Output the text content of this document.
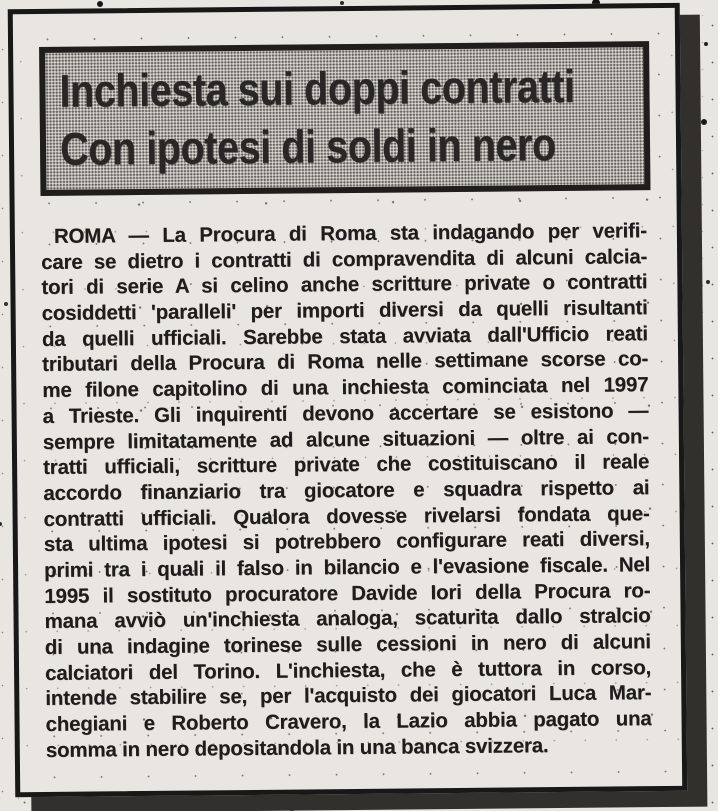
Inchiesta sui doppi contratti
Con ipotesi di soldi in nero
ROMA — La Procura di Roma sta indagando per verifi-
care se dietro i contratti di compravendita di alcuni calcia-
tori di serie A si celino anche scritture private o contratti
cosiddetti 'paralleli' per importi diversi da quelli risultanti
da quelli ufficiali. Sarebbe stata avviata dall'Ufficio reati
tributari della Procura di Roma nelle settimane scorse co-
me filone capitolino di una inchiesta cominciata nel 1997
a Trieste. Gli inquirenti devono accertare se esistono —
sempre limitatamente ad alcune situazioni — oltre ai con-
tratti ufficiali, scritture private che costituiscano il reale
accordo finanziario tra giocatore e squadra rispetto ai
contratti ufficiali. Qualora dovesse rivelarsi fondata que-
sta ultima ipotesi si potrebbero configurare reati diversi,
primi tra i quali il falso in bilancio e l'evasione fiscale. Nel
1995 il sostituto procuratore Davide Iori della Procura ro-
mana avviò un'inchiesta analoga, scaturita dallo stralcio
di una indagine torinese sulle cessioni in nero di alcuni
calciatori del Torino. L'inchiesta, che è tuttora in corso,
intende stabilire se, per l'acquisto dei giocatori Luca Mar-
chegiani e Roberto Cravero, la Lazio abbia pagato una
somma in nero depositandola in una banca svizzera.
